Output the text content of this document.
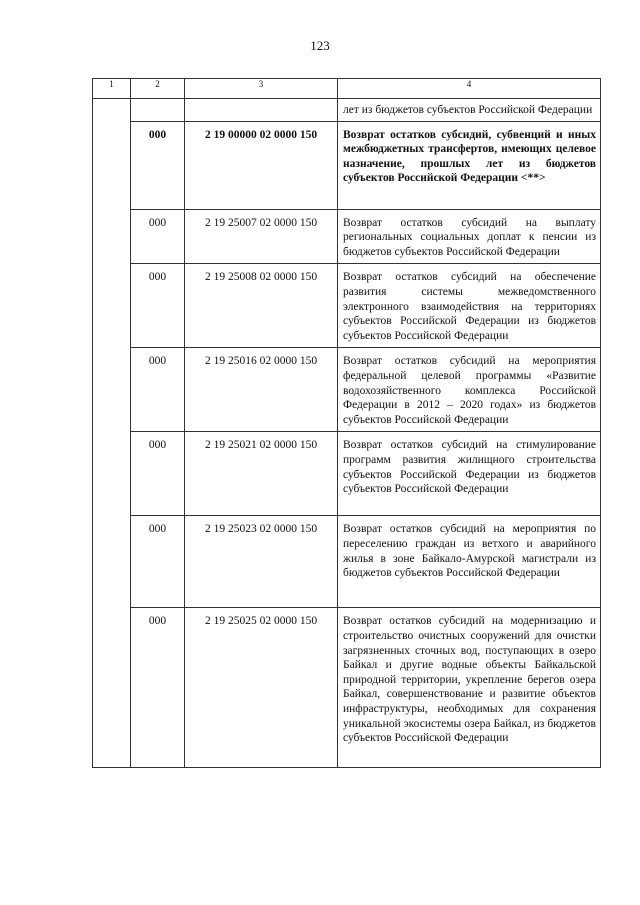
123
1	2	3	4
			лет из бюджетов субъектов Российской Федерации
	000	2 19 00000 02 0000 150	Возврат остатков субсидий, субвенций и иных межбюджетных трансфертов, имеющих целевое назначение, прошлых лет из бюджетов субъектов Российской Федерации <**>
	000	2 19 25007 02 0000 150	Возврат остатков субсидий на выплату региональных социальных доплат к пенсии из бюджетов субъектов Российской Федерации
	000	2 19 25008 02 0000 150	Возврат остатков субсидий на обеспечение развития системы межведомственного электронного взаимодействия на территориях субъектов Российской Федерации из бюджетов субъектов Российской Федерации
	000	2 19 25016 02 0000 150	Возврат остатков субсидий на мероприятия федеральной целевой программы «Развитие водохозяйственного комплекса Российской Федерации в 2012 – 2020 годах» из бюджетов субъектов Российской Федерации
	000	2 19 25021 02 0000 150	Возврат остатков субсидий на стимулирование программ развития жилищного строительства субъектов Российской Федерации из бюджетов субъектов Российской Федерации
	000	2 19 25023 02 0000 150	Возврат остатков субсидий на мероприятия по переселению граждан из ветхого и аварийного жилья в зоне Байкало-Амурской магистрали из бюджетов субъектов Российской Федерации
	000	2 19 25025 02 0000 150	Возврат остатков субсидий на модернизацию и строительство очистных сооружений для очистки загрязненных сточных вод, поступающих в озеро Байкал и другие водные объекты Байкальской природной территории, укрепление берегов озера Байкал, совершенствование и развитие объектов инфраструктуры, необходимых для сохранения уникальной экосистемы озера Байкал, из бюджетов субъектов Российской Федерации
